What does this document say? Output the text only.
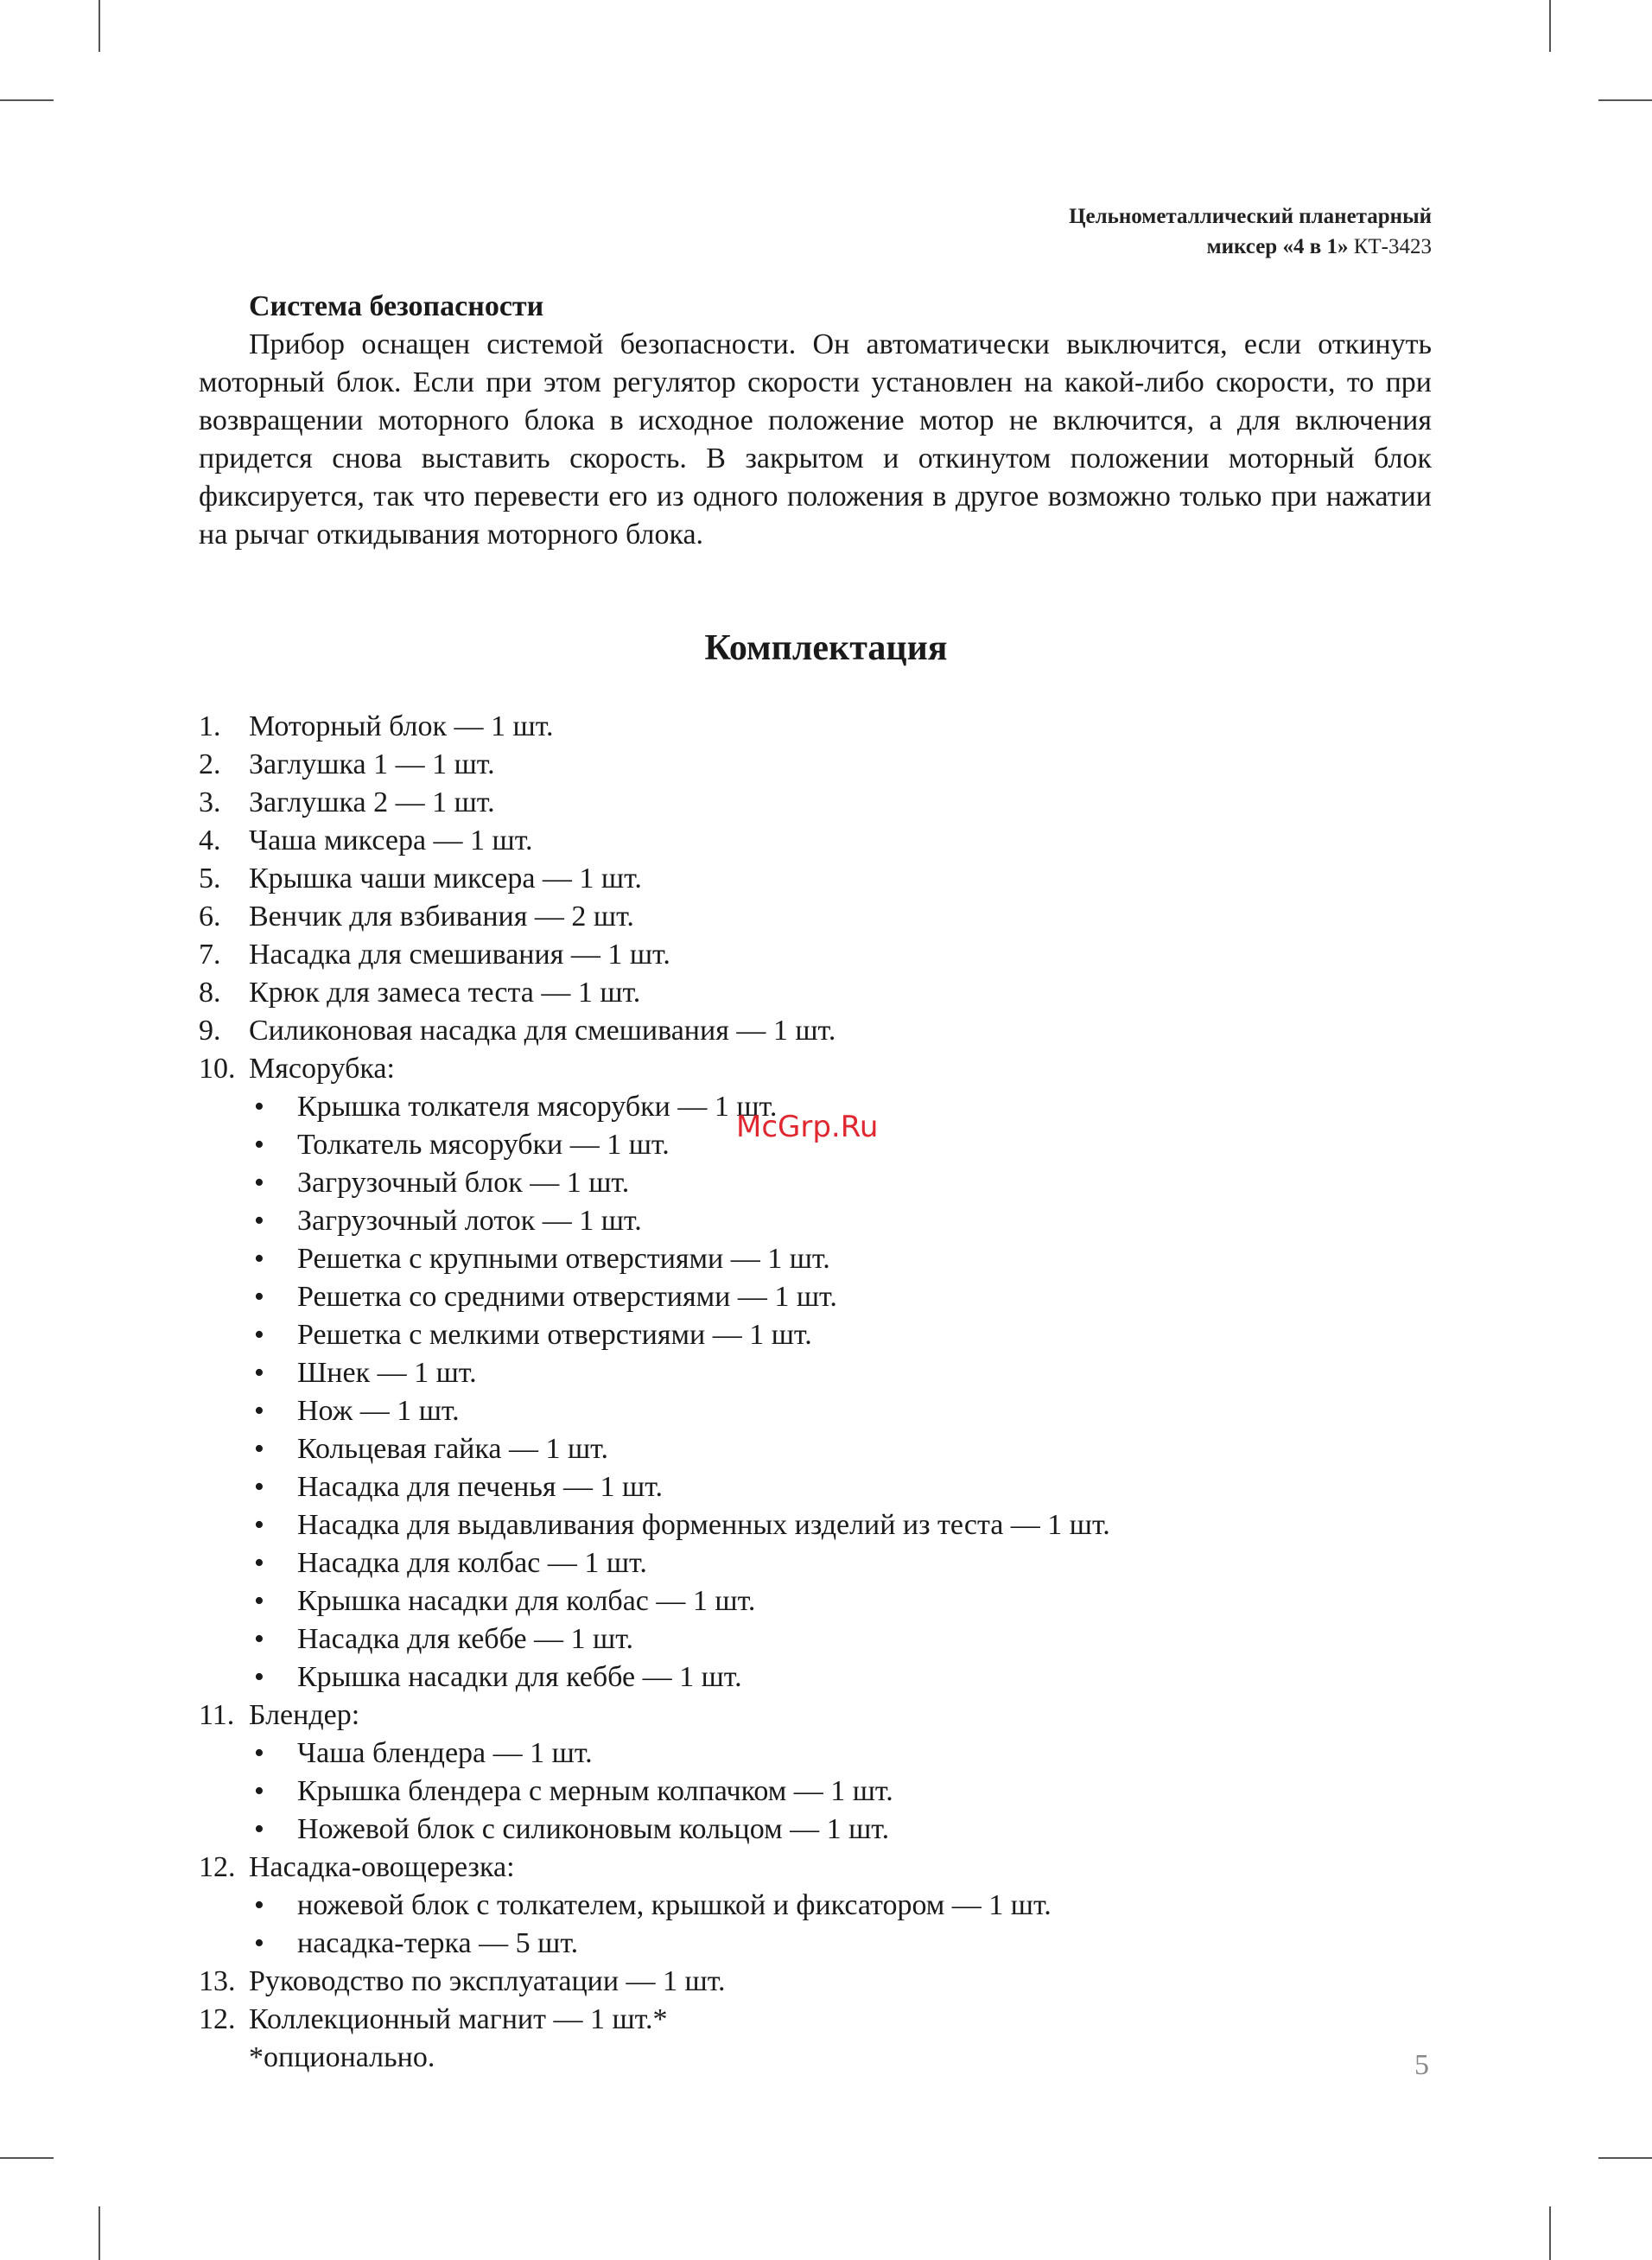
Цельнометаллический планетарный
миксер «4 в 1» КТ-3423
Система безопасности

Прибор оснащен системой безопасности. Он автоматически выключится, если откинуть моторный блок. Если при этом регулятор скорости установлен на какой-либо скорости, то при возвращении моторного блока в исходное положение мотор не включится, а для включения придется снова выставить скорость. В закрытом и откинутом положении моторный блок фиксируется, так что перевести его из одного положения в другое возможно только при нажатии на рычаг откидывания моторного блока.

Комплектация
1. Моторный блок — 1 шт.
2. Заглушка 1 — 1 шт.
3. Заглушка 2 — 1 шт.
4. Чаша миксера — 1 шт.
5. Крышка чаши миксера — 1 шт.
6. Венчик для взбивания — 2 шт.
7. Насадка для смешивания — 1 шт.
8. Крюк для замеса теста — 1 шт.
9. Силиконовая насадка для смешивания — 1 шт.
10. Мясорубка:
• Крышка толкателя мясорубки — 1 шт.
• Толкатель мясорубки — 1 шт.
• Загрузочный блок — 1 шт.
• Загрузочный лоток — 1 шт.
• Решетка с крупными отверстиями — 1 шт.
• Решетка со средними отверстиями — 1 шт.
• Решетка с мелкими отверстиями — 1 шт.
• Шнек — 1 шт.
• Нож — 1 шт.
• Кольцевая гайка — 1 шт.
• Насадка для печенья — 1 шт.
• Насадка для выдавливания форменных изделий из теста — 1 шт.
• Насадка для колбас — 1 шт.
• Крышка насадки для колбас — 1 шт.
• Насадка для кеббе — 1 шт.
• Крышка насадки для кеббе — 1 шт.
11. Блендер:
• Чаша блендера — 1 шт.
• Крышка блендера с мерным колпачком — 1 шт.
• Ножевой блок с силиконовым кольцом — 1 шт.
12. Насадка-овощерезка:
• ножевой блок с толкателем, крышкой и фиксатором — 1 шт.
• насадка-терка — 5 шт.
13. Руководство по эксплуатации — 1 шт.
12. Коллекционный магнит — 1 шт.*
*опционально.
McGrp.Ru
5
